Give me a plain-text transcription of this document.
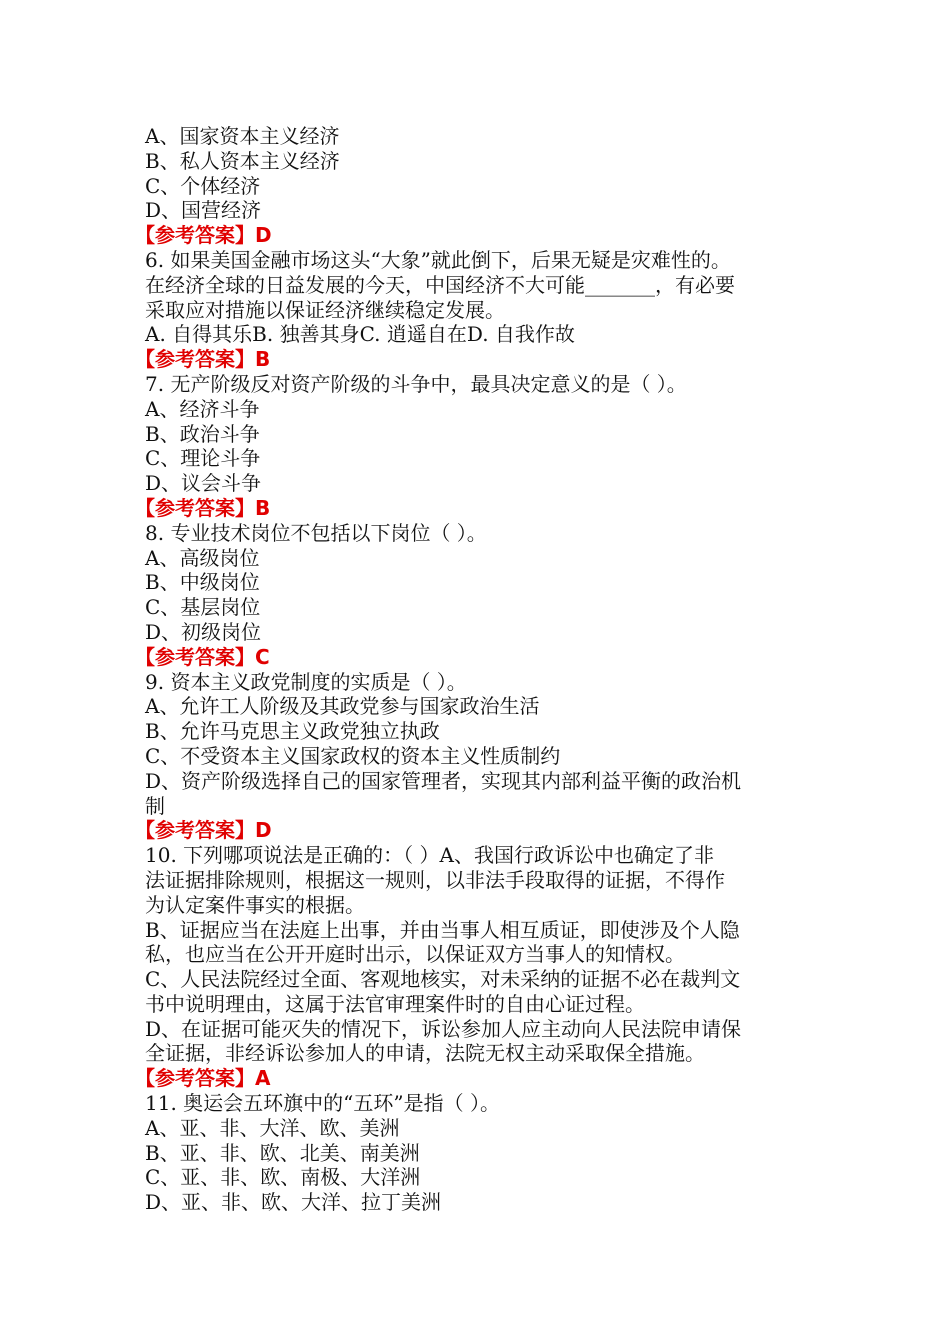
A、国家资本主义经济
B、私人资本主义经济
C、个体经济
D、国营经济
【参考答案】D
6. 如果美国金融市场这头“大象”就此倒下，后果无疑是灾难性的。
在经济全球的日益发展的今天，中国经济不大可能_______，有必要
采取应对措施以保证经济继续稳定发展。
A. 自得其乐B. 独善其身C. 逍遥自在D. 自我作故
【参考答案】B
7. 无产阶级反对资产阶级的斗争中，最具决定意义的是（ ）。
A、经济斗争
B、政治斗争
C、理论斗争
D、议会斗争
【参考答案】B
8. 专业技术岗位不包括以下岗位（ ）。
A、高级岗位
B、中级岗位
C、基层岗位
D、初级岗位
【参考答案】C
9. 资本主义政党制度的实质是（ ）。
A、允许工人阶级及其政党参与国家政治生活
B、允许马克思主义政党独立执政
C、不受资本主义国家政权的资本主义性质制约
D、资产阶级选择自己的国家管理者，实现其内部利益平衡的政治机
制
【参考答案】D
10. 下列哪项说法是正确的：（ ）A、我国行政诉讼中也确定了非
法证据排除规则，根据这一规则，以非法手段取得的证据，不得作
为认定案件事实的根据。
B、证据应当在法庭上出事，并由当事人相互质证，即使涉及个人隐
私，也应当在公开开庭时出示，以保证双方当事人的知情权。
C、人民法院经过全面、客观地核实，对未采纳的证据不必在裁判文
书中说明理由，这属于法官审理案件时的自由心证过程。
D、在证据可能灭失的情况下，诉讼参加人应主动向人民法院申请保
全证据，非经诉讼参加人的申请，法院无权主动采取保全措施。
【参考答案】A
11. 奥运会五环旗中的“五环”是指（ ）。
A、亚、非、大洋、欧、美洲
B、亚、非、欧、北美、南美洲
C、亚、非、欧、南极、大洋洲
D、亚、非、欧、大洋、拉丁美洲
